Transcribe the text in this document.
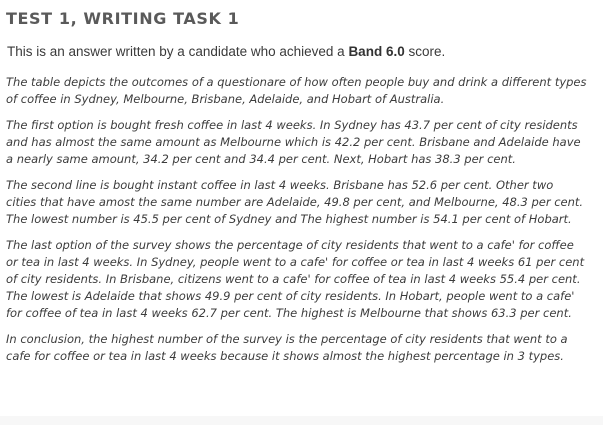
TEST 1, WRITING TASK 1

This is an answer written by a candidate who achieved a Band 6.0 score.

The table depicts the outcomes of a questionare of how often people buy and drink a different types
of coffee in Sydney, Melbourne, Brisbane, Adelaide, and Hobart of Australia.

The first option is bought fresh coffee in last 4 weeks. In Sydney has 43.7 per cent of city residents
and has almost the same amount as Melbourne which is 42.2 per cent. Brisbane and Adelaide have
a nearly same amount, 34.2 per cent and 34.4 per cent. Next, Hobart has 38.3 per cent.

The second line is bought instant coffee in last 4 weeks. Brisbane has 52.6 per cent. Other two
cities that have amost the same number are Adelaide, 49.8 per cent, and Melbourne, 48.3 per cent.
The lowest number is 45.5 per cent of Sydney and The highest number is 54.1 per cent of Hobart.

The last option of the survey shows the percentage of city residents that went to a cafe' for coffee
or tea in last 4 weeks. In Sydney, people went to a cafe' for coffee or tea in last 4 weeks 61 per cent
of city residents. In Brisbane, citizens went to a cafe' for coffee of tea in last 4 weeks 55.4 per cent.
The lowest is Adelaide that shows 49.9 per cent of city residents. In Hobart, people went to a cafe'
for coffee of tea in last 4 weeks 62.7 per cent. The highest is Melbourne that shows 63.3 per cent.

In conclusion, the highest number of the survey is the percentage of city residents that went to a
cafe for coffee or tea in last 4 weeks because it shows almost the highest percentage in 3 types.
